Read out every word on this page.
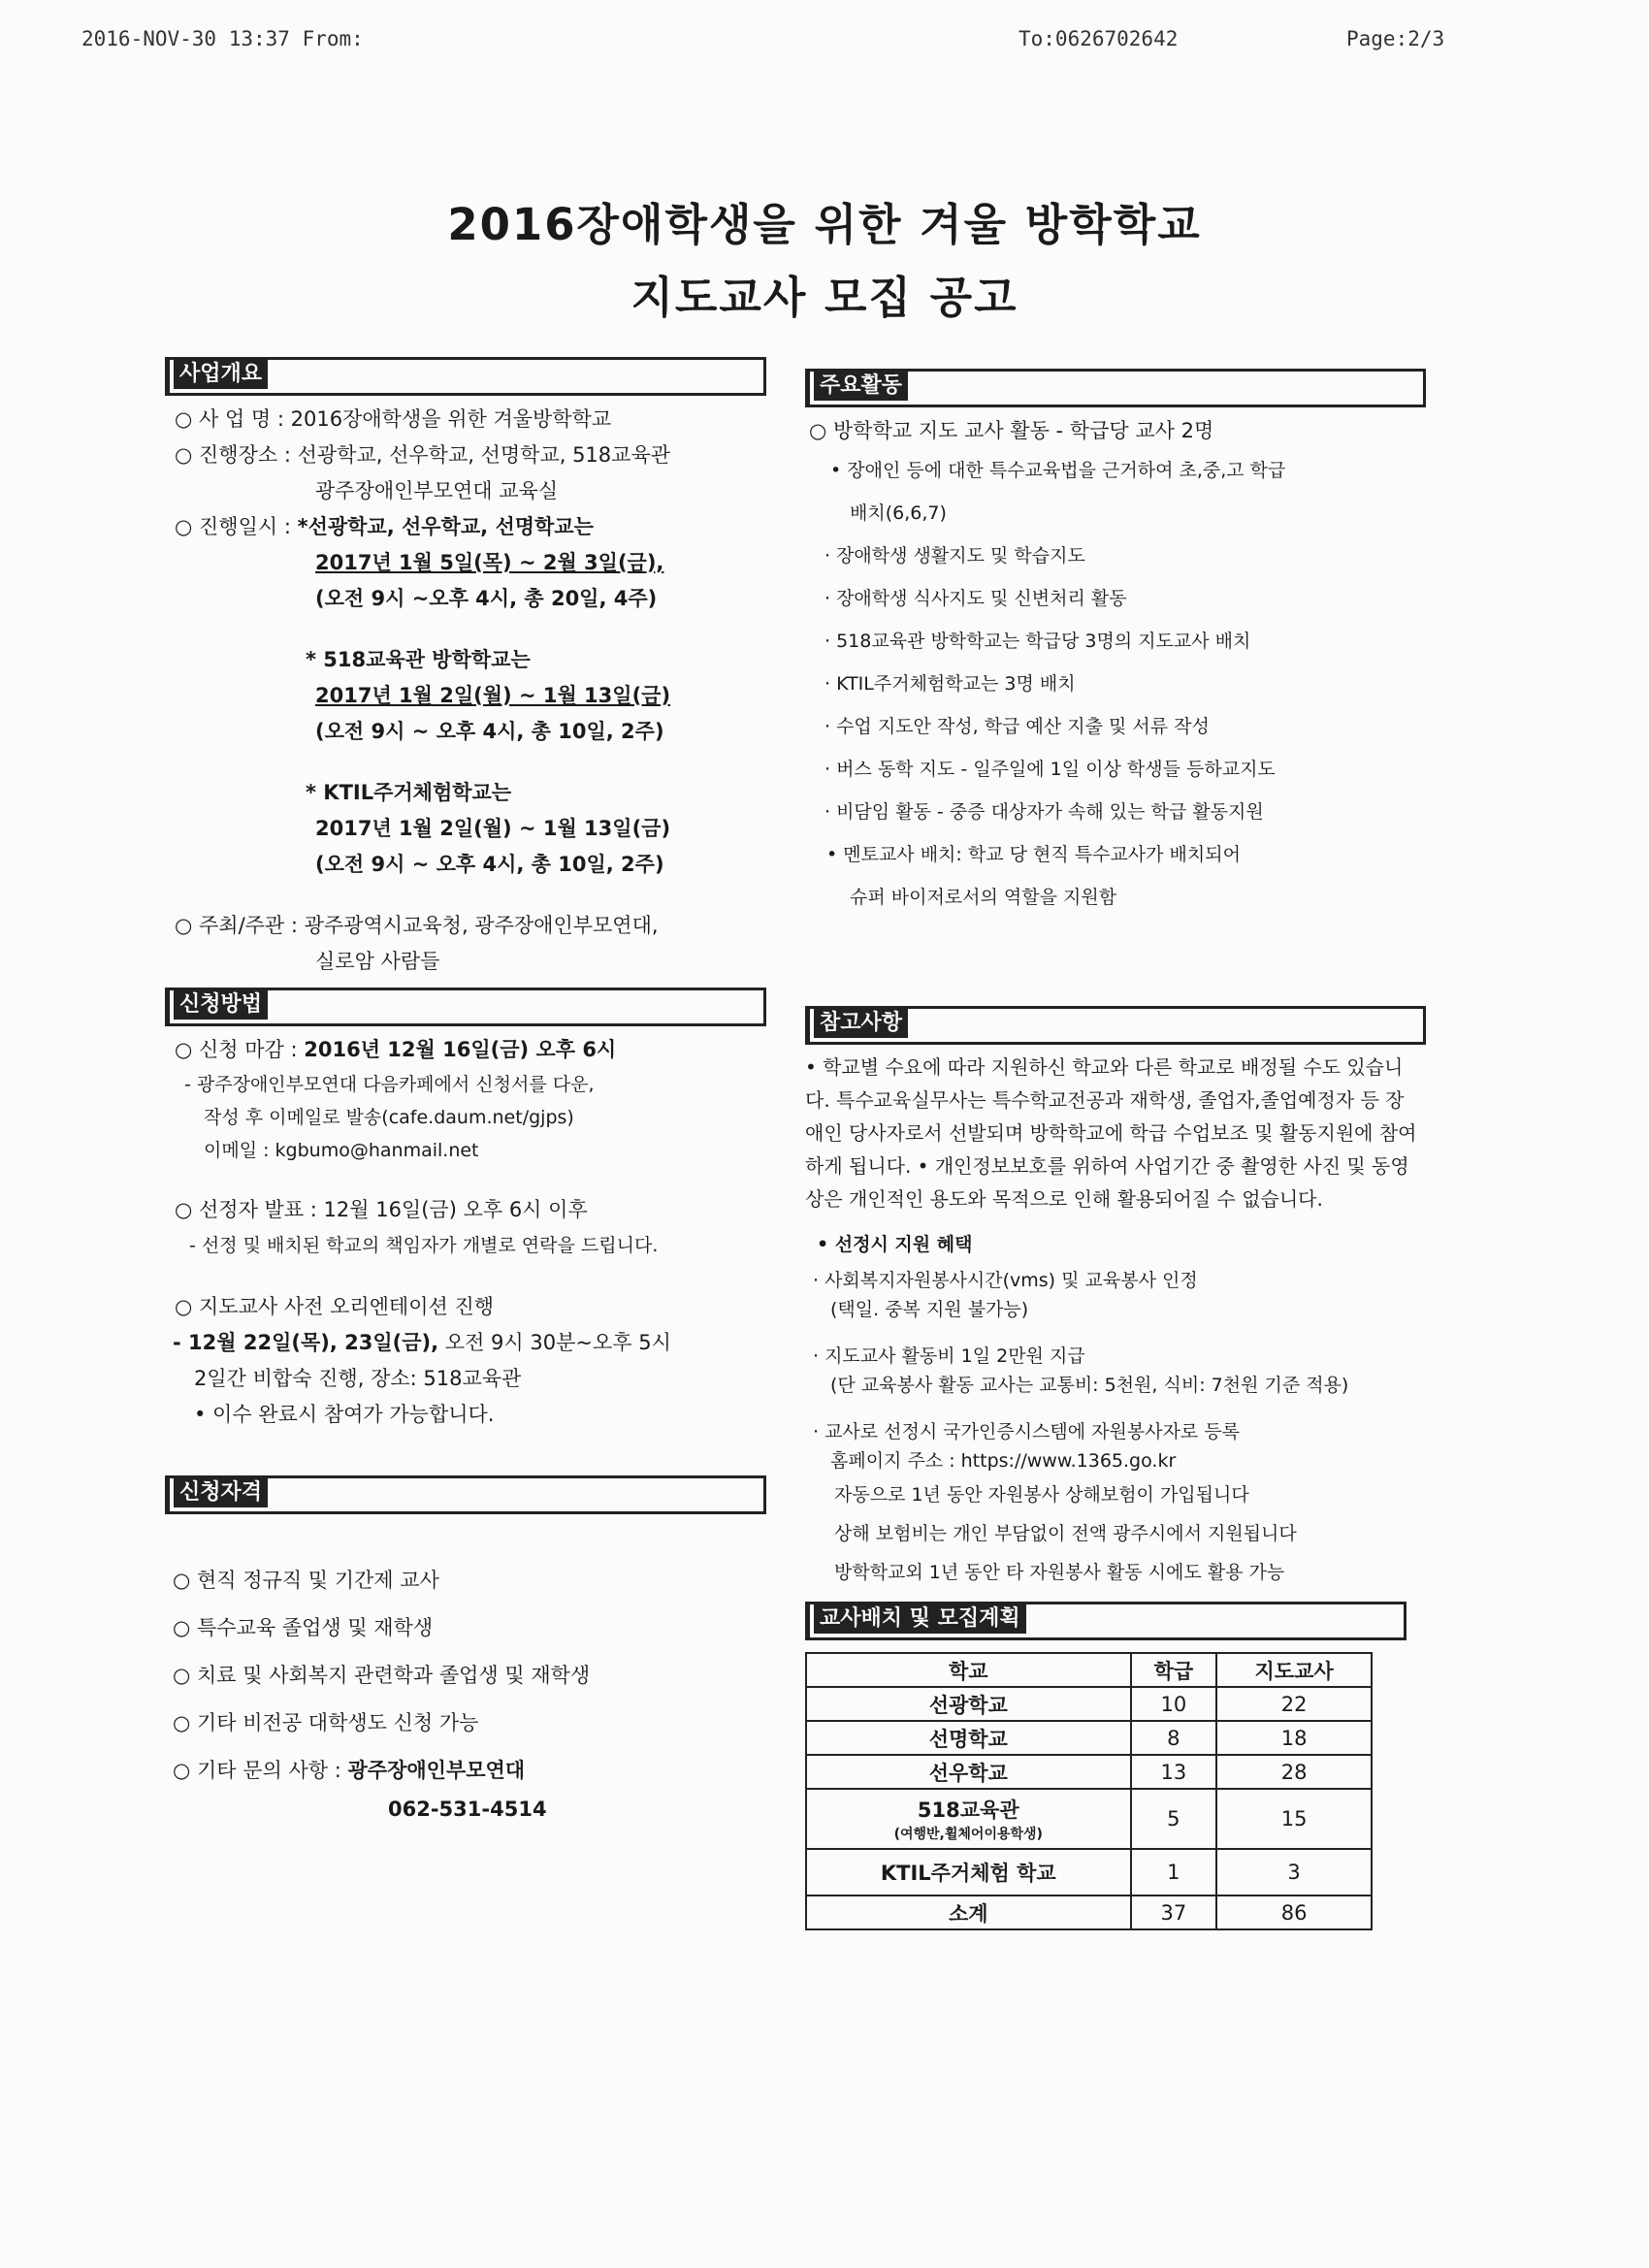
2016-NOV-30 13:37 From:	To:0626702642	Page:2/3
2016장애학생을 위한 겨울 방학학교
지도교사 모집 공고
사업개요
○ 사 업 명 : 2016장애학생을 위한 겨울방학학교
○ 진행장소 : 선광학교, 선우학교, 선명학교, 518교육관
광주장애인부모연대 교육실
○ 진행일시 : *선광학교, 선우학교, 선명학교는
2017년 1월 5일(목) ~ 2월 3일(금),
(오전 9시 ~오후 4시, 총 20일, 4주)
* 518교육관 방학학교는
2017년 1월 2일(월) ~ 1월 13일(금)
(오전 9시 ~ 오후 4시, 총 10일, 2주)
* KTIL주거체험학교는
2017년 1월 2일(월) ~ 1월 13일(금)
(오전 9시 ~ 오후 4시, 총 10일, 2주)
○ 주최/주관 : 광주광역시교육청, 광주장애인부모연대,
실로암 사람들
신청방법
○ 신청 마감 : 2016년 12월 16일(금) 오후 6시
- 광주장애인부모연대 다음카페에서 신청서를 다운,
작성 후 이메일로 발송(cafe.daum.net/gjps)
이메일 : kgbumo@hanmail.net
○ 선정자 발표 : 12월 16일(금) 오후 6시 이후
- 선정 및 배치된 학교의 책임자가 개별로 연락을 드립니다.
○ 지도교사 사전 오리엔테이션 진행
- 12월 22일(목), 23일(금), 오전 9시 30분~오후 5시
2일간 비합숙 진행, 장소: 518교육관
• 이수 완료시 참여가 가능합니다.
신청자격
○ 현직 정규직 및 기간제 교사
○ 특수교육 졸업생 및 재학생
○ 치료 및 사회복지 관련학과 졸업생 및 재학생
○ 기타 비전공 대학생도 신청 가능
○ 기타 문의 사항 : 광주장애인부모연대
062-531-4514
주요활동
○ 방학학교 지도 교사 활동 - 학급당 교사 2명
• 장애인 등에 대한 특수교육법을 근거하여 초,중,고 학급
배치(6,6,7)
· 장애학생 생활지도 및 학습지도
· 장애학생 식사지도 및 신변처리 활동
· 518교육관 방학학교는 학급당 3명의 지도교사 배치
· KTIL주거체험학교는 3명 배치
· 수업 지도안 작성, 학급 예산 지출 및 서류 작성
· 버스 동학 지도 - 일주일에 1일 이상 학생들 등하교지도
· 비담임 활동 - 중증 대상자가 속해 있는 학급 활동지원
• 멘토교사 배치: 학교 당 현직 특수교사가 배치되어
슈퍼 바이저로서의 역할을 지원함
참고사항
• 학교별 수요에 따라 지원하신 학교와 다른 학교로 배정될 수도 있습니다. 특수교육실무사는 특수학교전공과 재학생, 졸업자,졸업예정자 등 장애인 당사자로서 선발되며 방학학교에 학급 수업보조 및 활동지원에 참여하게 됩니다. • 개인정보보호를 위하여 사업기간 중 촬영한 사진 및 동영상은 개인적인 용도와 목적으로 인해 활용되어질 수 없습니다.
• 선정시 지원 혜택
· 사회복지자원봉사시간(vms) 및 교육봉사 인정
(택일. 중복 지원 불가능)
· 지도교사 활동비 1일 2만원 지급
(단 교육봉사 활동 교사는 교통비: 5천원, 식비: 7천원 기준 적용)
· 교사로 선정시 국가인증시스템에 자원봉사자로 등록
홈페이지 주소 : https://www.1365.go.kr
자동으로 1년 동안 자원봉사 상해보험이 가입됩니다
상해 보험비는 개인 부담없이 전액 광주시에서 지원됩니다
방학학교외 1년 동안 타 자원봉사 활동 시에도 활용 가능
교사배치 및 모집계획
학교	학급	지도교사
선광학교	10	22
선명학교	8	18
선우학교	13	28

518교육관
(여행반,휠체어이용학생)	5	15
KTIL주거체험 학교	1	3
소계	37	86
